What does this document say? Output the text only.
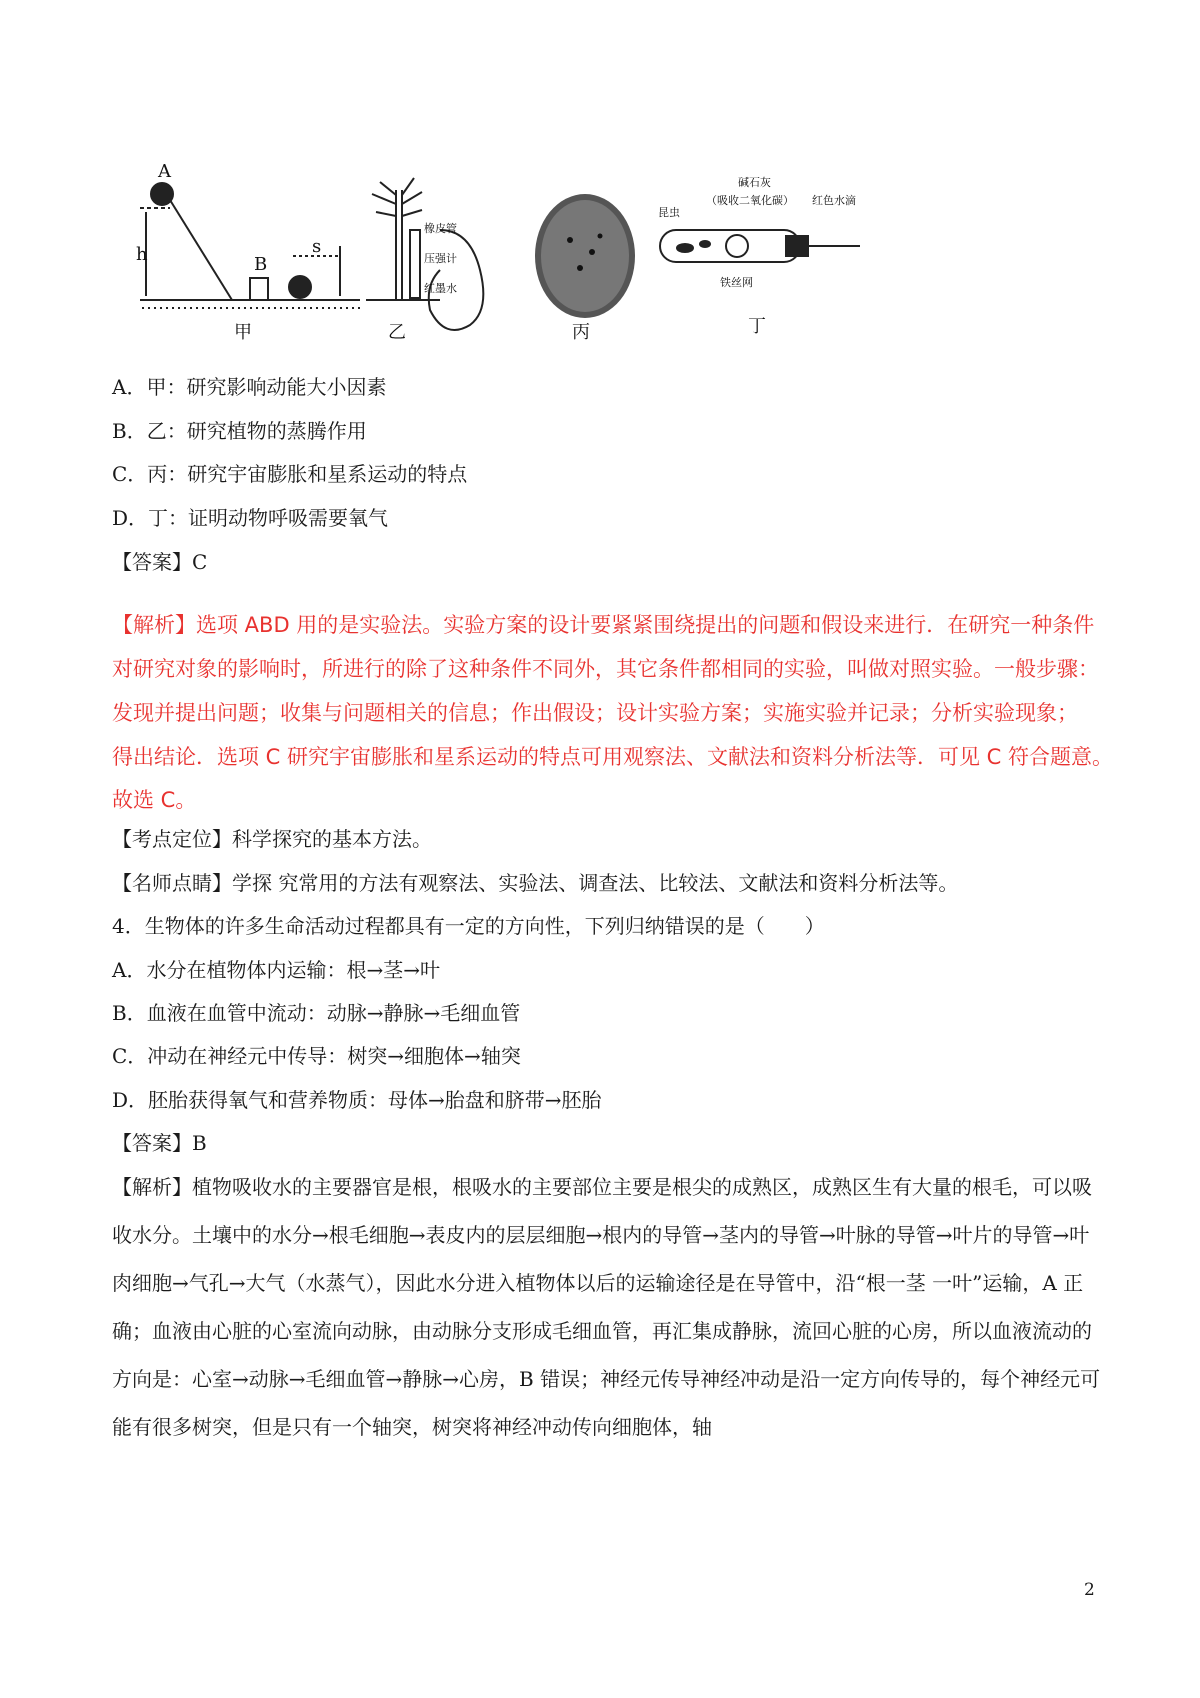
A
h	B
s
甲
橡皮管
压强计
红墨水
乙	丙
昆虫
碱石灰
（吸收二氧化碳） 红色水滴
铁丝网
丁
A．甲：研究影响动能大小因素
B．乙：研究植物的蒸腾作用
C．丙：研究宇宙膨胀和星系运动的特点
D．丁：证明动物呼吸需要氧气
【答案】C
【解析】选项 ABD 用的是实验法。实验方案的设计要紧紧围绕提出的问题和假设来进行．在研究一种条件
对研究对象的影响时，所进行的除了这种条件不同外，其它条件都相同的实验，叫做对照实验。一般步骤：
发现并提出问题；收集与问题相关的信息；作出假设；设计实验方案；实施实验并记录；分析实验现象；
得出结论．选项 C 研究宇宙膨胀和星系运动的特点可用观察法、文献法和资料分析法等．可见 C 符合题意。
故选 C。
【考点定位】科学探究的基本方法。
【名师点睛】学探 究常用的方法有观察法、实验法、调查法、比较法、文献法和资料分析法等。
4．生物体的许多生命活动过程都具有一定的方向性，下列归纳错误的是（　　）
A．水分在植物体内运输：根→茎→叶
B．血液在血管中流动：动脉→静脉→毛细血管
C．冲动在神经元中传导：树突→细胞体→轴突
D．胚胎获得氧气和营养物质：母体→胎盘和脐带→胚胎
【答案】B
【解析】植物吸收水的主要器官是根，根吸水的主要部位主要是根尖的成熟区，成熟区生有大量的根毛，可以吸收水分。土壤中的水分→根毛细胞→表皮内的层层细胞→根内的导管→茎内的导管→叶脉的导管→叶片的导管→叶肉细胞→气孔→大气（水蒸气），因此水分进入植物体以后的运输途径是在导管中，沿“根一茎 一叶”运输，A 正确；血液由心脏的心室流向动脉，由动脉分支形成毛细血管，再汇集成静脉，流回心脏的心房，所以血液流动的方向是：心室→动脉→毛细血管→静脉→心房，B 错误；神经元传导神经冲动是沿一定方向传导的，每个神经元可能有很多树突，但是只有一个轴突，树突将神经冲动传向细胞体，轴
2
